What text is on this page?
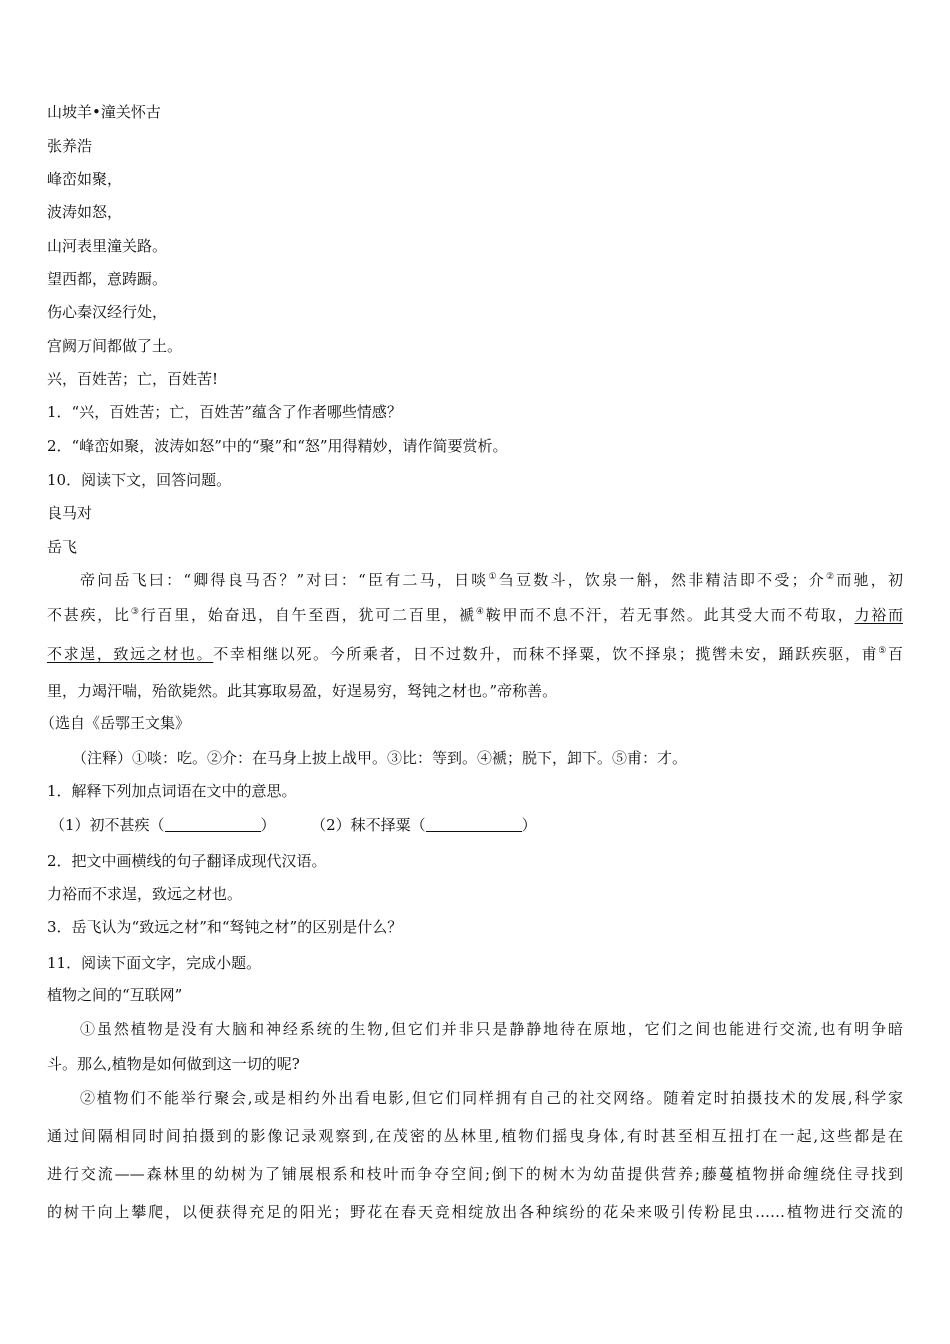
山坡羊•潼关怀古
张养浩
峰峦如聚，
波涛如怒，
山河表里潼关路。
望西都，意踌蹰。
伤心秦汉经行处，
宫阙万间都做了土。
兴，百姓苦；亡，百姓苦!
1．“兴，百姓苦；亡，百姓苦”蕴含了作者哪些情感？
2．“峰峦如聚，波涛如怒”中的“聚”和“怒”用得精妙，请作简要赏析。
10．阅读下文，回答问题。
良马对
岳飞
帝问岳飞曰：“卿得良马否？”对曰：“臣有二马，日啖①刍豆数斗，饮泉一斛，然非精洁即不受；介②而驰，初
不甚疾，比③行百里，始奋迅，自午至酉，犹可二百里，褫④鞍甲而不息不汗，若无事然。此其受大而不苟取，力裕而
不求逞，致远之材也。不幸相继以死。今所乘者，日不过数升，而秣不择粟，饮不择泉；揽辔未安，踊跃疾驱，甫⑤百
里，力竭汗喘，殆欲毙然。此其寡取易盈，好逞易穷，驽钝之材也。”帝称善。
（选自《岳鄂王文集》
（注释）①啖：吃。②介：在马身上披上战甲。③比：等到。④褫；脱下，卸下。⑤甫：才。
1．解释下列加点词语在文中的意思。
（1）初不甚疾（	） （2）秣不择粟（	）
2．把文中画横线的句子翻译成现代汉语。
力裕而不求逞，致远之材也。
3．岳飞认为“致远之材”和“驽钝之材”的区别是什么？
11．阅读下面文字，完成小题。
植物之间的“互联网”
①虽然植物是没有大脑和神经系统的生物,但它们并非只是静静地待在原地，它们之间也能进行交流,也有明争暗
斗。那么,植物是如何做到这一切的呢?
②植物们不能举行聚会,或是相约外出看电影,但它们同样拥有自己的社交网络。随着定时拍摄技术的发展,科学家
通过间隔相同时间拍摄到的影像记录观察到,在茂密的丛林里,植物们摇曳身体,有时甚至相互扭打在一起,这些都是在
进行交流——森林里的幼树为了铺展根系和枝叶而争夺空间;倒下的树木为幼苗提供营养;藤蔓植物拼命缠绕住寻找到
的树干向上攀爬，以便获得充足的阳光；野花在春天竞相绽放出各种缤纷的花朵来吸引传粉昆虫……植物进行交流的
